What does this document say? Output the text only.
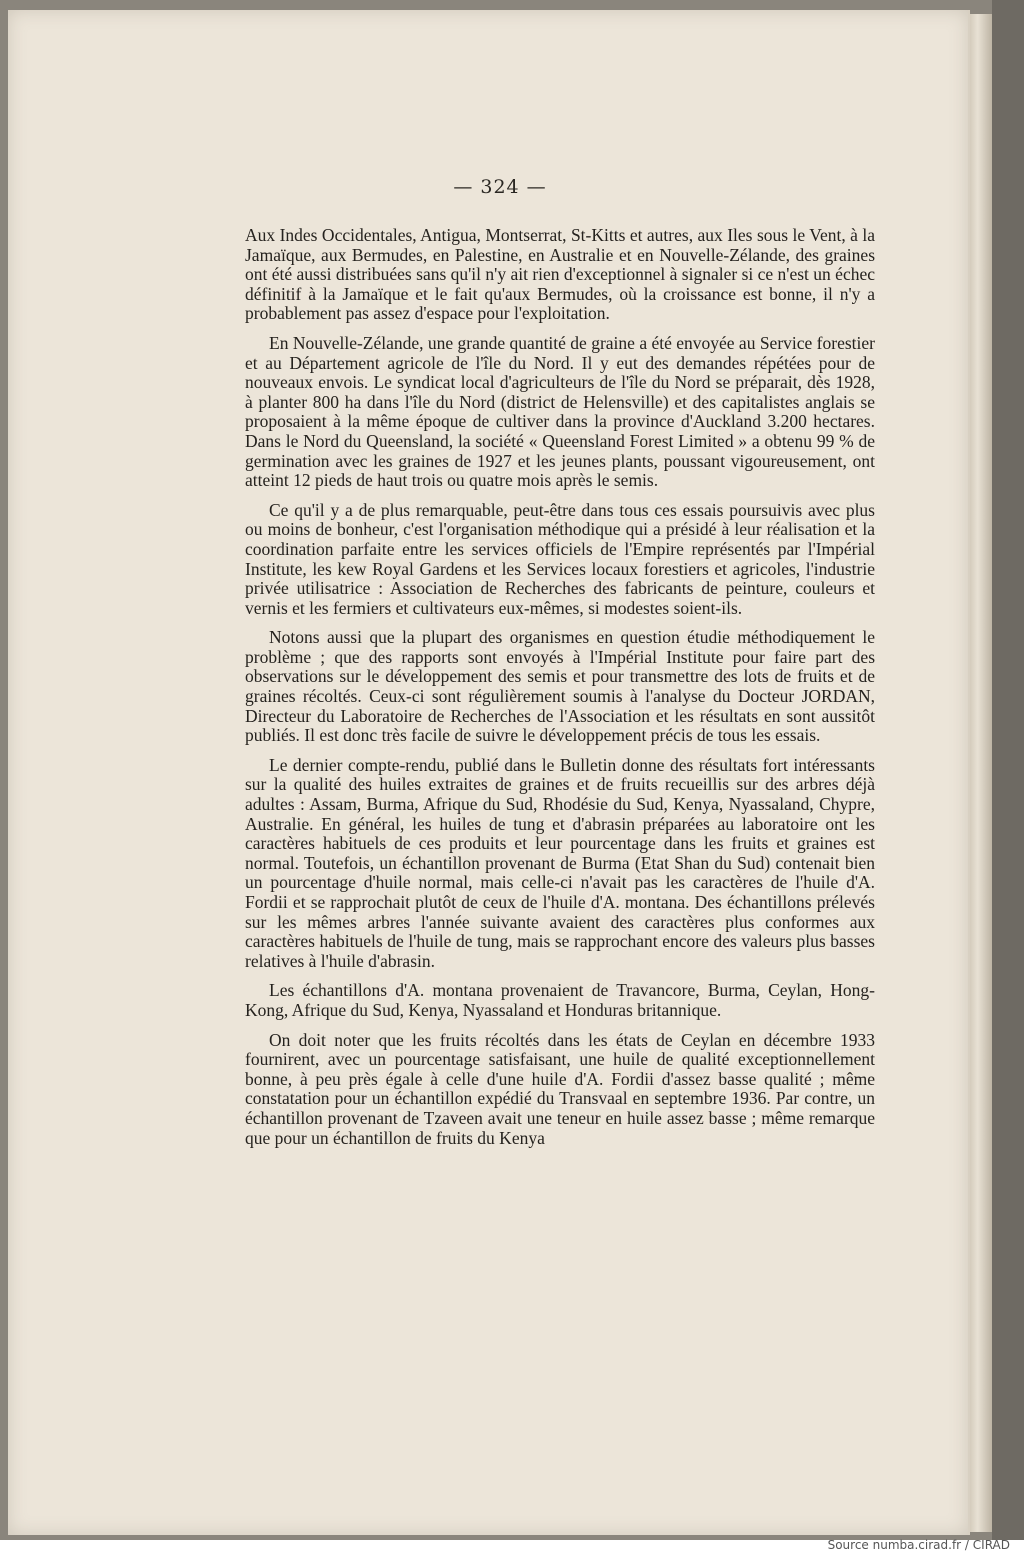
— 324 —

Aux Indes Occidentales, Antigua, Montserrat, St-Kitts et autres, aux Iles sous le Vent, à la Jamaïque, aux Bermudes, en Palestine, en Australie et en Nouvelle-Zélande, des graines ont été aussi distribuées sans qu'il n'y ait rien d'exceptionnel à signaler si ce n'est un échec définitif à la Jamaïque et le fait qu'aux Bermudes, où la croissance est bonne, il n'y a probablement pas assez d'espace pour l'exploitation.

En Nouvelle-Zélande, une grande quantité de graine a été envoyée au Service forestier et au Département agricole de l'île du Nord. Il y eut des demandes répétées pour de nouveaux envois. Le syndicat local d'agriculteurs de l'île du Nord se préparait, dès 1928, à planter 800 ha dans l'île du Nord (district de Helensville) et des capitalistes anglais se proposaient à la même époque de cultiver dans la province d'Auckland 3.200 hectares. Dans le Nord du Queensland, la société « Queensland Forest Limited » a obtenu 99 % de germination avec les graines de 1927 et les jeunes plants, poussant vigoureusement, ont atteint 12 pieds de haut trois ou quatre mois après le semis.

Ce qu'il y a de plus remarquable, peut-être dans tous ces essais poursuivis avec plus ou moins de bonheur, c'est l'organisation méthodique qui a présidé à leur réalisation et la coordination parfaite entre les services officiels de l'Empire représentés par l'Impérial Institute, les kew Royal Gardens et les Services locaux forestiers et agricoles, l'industrie privée utilisatrice : Association de Recherches des fabricants de peinture, couleurs et vernis et les fermiers et cultivateurs eux-mêmes, si modestes soient-ils.

Notons aussi que la plupart des organismes en question étudie méthodiquement le problème ; que des rapports sont envoyés à l'Impérial Institute pour faire part des observations sur le développement des semis et pour transmettre des lots de fruits et de graines récoltés. Ceux-ci sont régulièrement soumis à l'analyse du Docteur JORDAN, Directeur du Laboratoire de Recherches de l'Association et les résultats en sont aussitôt publiés. Il est donc très facile de suivre le développement précis de tous les essais.

Le dernier compte-rendu, publié dans le Bulletin donne des résultats fort intéressants sur la qualité des huiles extraites de graines et de fruits recueillis sur des arbres déjà adultes : Assam, Burma, Afrique du Sud, Rhodésie du Sud, Kenya, Nyassaland, Chypre, Australie. En général, les huiles de tung et d'abrasin préparées au laboratoire ont les caractères habituels de ces produits et leur pourcentage dans les fruits et graines est normal. Toutefois, un échantillon provenant de Burma (Etat Shan du Sud) contenait bien un pourcentage d'huile normal, mais celle-ci n'avait pas les caractères de l'huile d'A. Fordii et se rapprochait plutôt de ceux de l'huile d'A. montana. Des échantillons prélevés sur les mêmes arbres l'année suivante avaient des caractères plus conformes aux caractères habituels de l'huile de tung, mais se rapprochant encore des valeurs plus basses relatives à l'huile d'abrasin.

Les échantillons d'A. montana provenaient de Travancore, Burma, Ceylan, Hong-Kong, Afrique du Sud, Kenya, Nyassaland et Honduras britannique.

On doit noter que les fruits récoltés dans les états de Ceylan en décembre 1933 fournirent, avec un pourcentage satisfaisant, une huile de qualité exceptionnellement bonne, à peu près égale à celle d'une huile d'A. Fordii d'assez basse qualité ; même constatation pour un échantillon expédié du Transvaal en septembre 1936. Par contre, un échantillon provenant de Tzaveen avait une teneur en huile assez basse ; même remarque que pour un échantillon de fruits du Kenya

Source numba.cirad.fr / CIRAD
